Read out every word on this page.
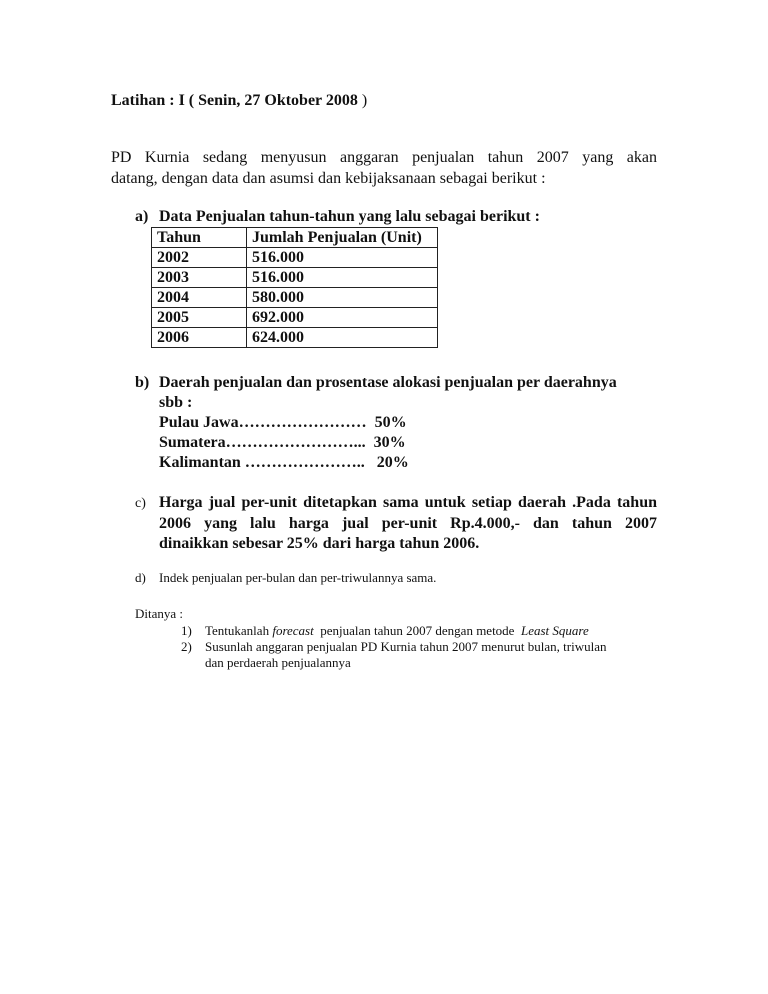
Latihan : I ( Senin, 27 Oktober 2008 )
PD Kurnia sedang menyusun anggaran penjualan tahun 2007 yang akan
datang, dengan data dan asumsi dan kebijaksanaan sebagai berikut :
a) Data Penjualan tahun-tahun yang lalu sebagai berikut :
Tahun	Jumlah Penjualan (Unit)
2002	516.000
2003	516.000
2004	580.000
2005	692.000
2006	624.000
b) Daerah penjualan dan prosentase alokasi penjualan per daerahnya
sbb :
Pulau Jawa…………………… 50%
Sumatera……………………... 30%
Kalimantan ………………….. 20%
c) Harga jual per-unit ditetapkan sama untuk setiap daerah .Pada tahun
2006 yang lalu harga jual per-unit Rp.4.000,- dan tahun 2007
dinaikkan sebesar 25% dari harga tahun 2006.
d) Indek penjualan per-bulan dan per-triwulannya sama.
Ditanya :
1)	Tentukanlah forecast  penjualan tahun 2007 dengan metode  Least Square
2)	Susunlah anggaran penjualan PD Kurnia tahun 2007 menurut bulan, triwulan dan perdaerah penjualannya
